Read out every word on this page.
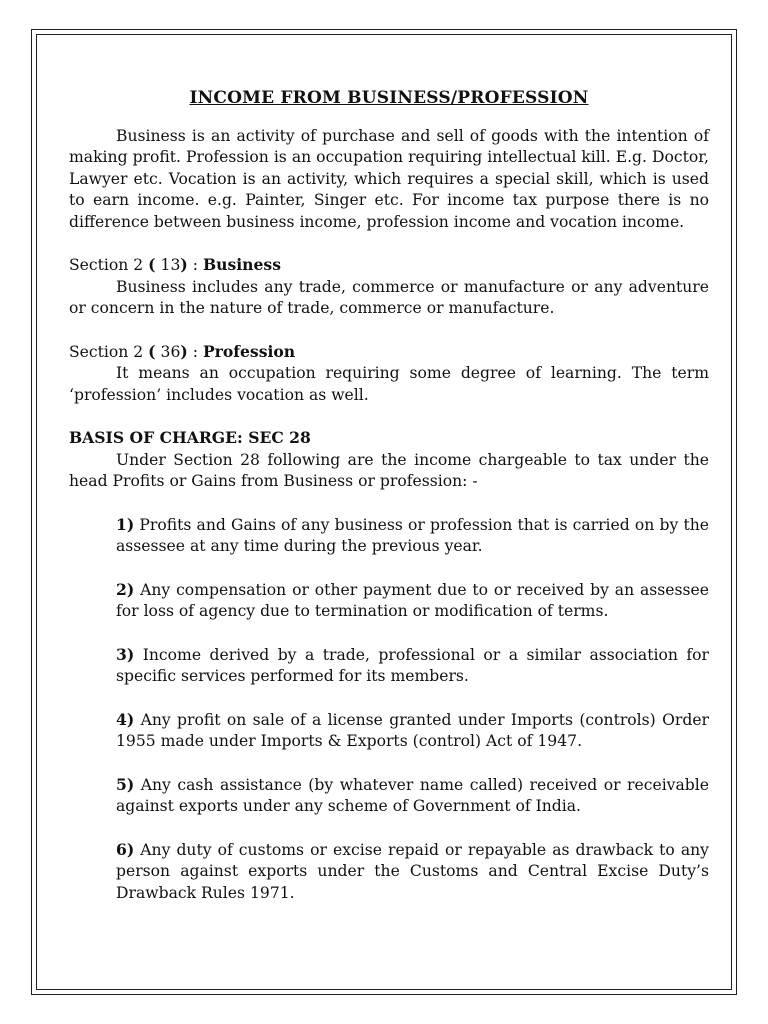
INCOME FROM BUSINESS/PROFESSION

Business is an activity of purchase and sell of goods with the intention of making profit. Profession is an occupation requiring intellectual kill. E.g. Doctor, Lawyer etc. Vocation is an activity, which requires a special skill, which is used to earn income. e.g. Painter, Singer etc. For income tax purpose there is no difference between business income, profession income and vocation income.

Section 2 ( 13) : Business

Business includes any trade, commerce or manufacture or any adventure or concern in the nature of trade, commerce or manufacture.

Section 2 ( 36) : Profession

It means an occupation requiring some degree of learning. The term ‘profession’ includes vocation as well.

BASIS OF CHARGE: SEC 28

Under Section 28 following are the income chargeable to tax under the head Profits or Gains from Business or profession: -

1) Profits and Gains of any business or profession that is carried on by the assessee at any time during the previous year.

2) Any compensation or other payment due to or received by an assessee for loss of agency due to termination or modification of terms.

3) Income derived by a trade, professional or a similar association for specific services performed for its members.

4) Any profit on sale of a license granted under Imports (controls) Order 1955 made under Imports & Exports (control) Act of 1947.

5) Any cash assistance (by whatever name called) received or receivable against exports under any scheme of Government of India.

6) Any duty of customs or excise repaid or repayable as drawback to any person against exports under the Customs and Central Excise Duty’s Drawback Rules 1971.
